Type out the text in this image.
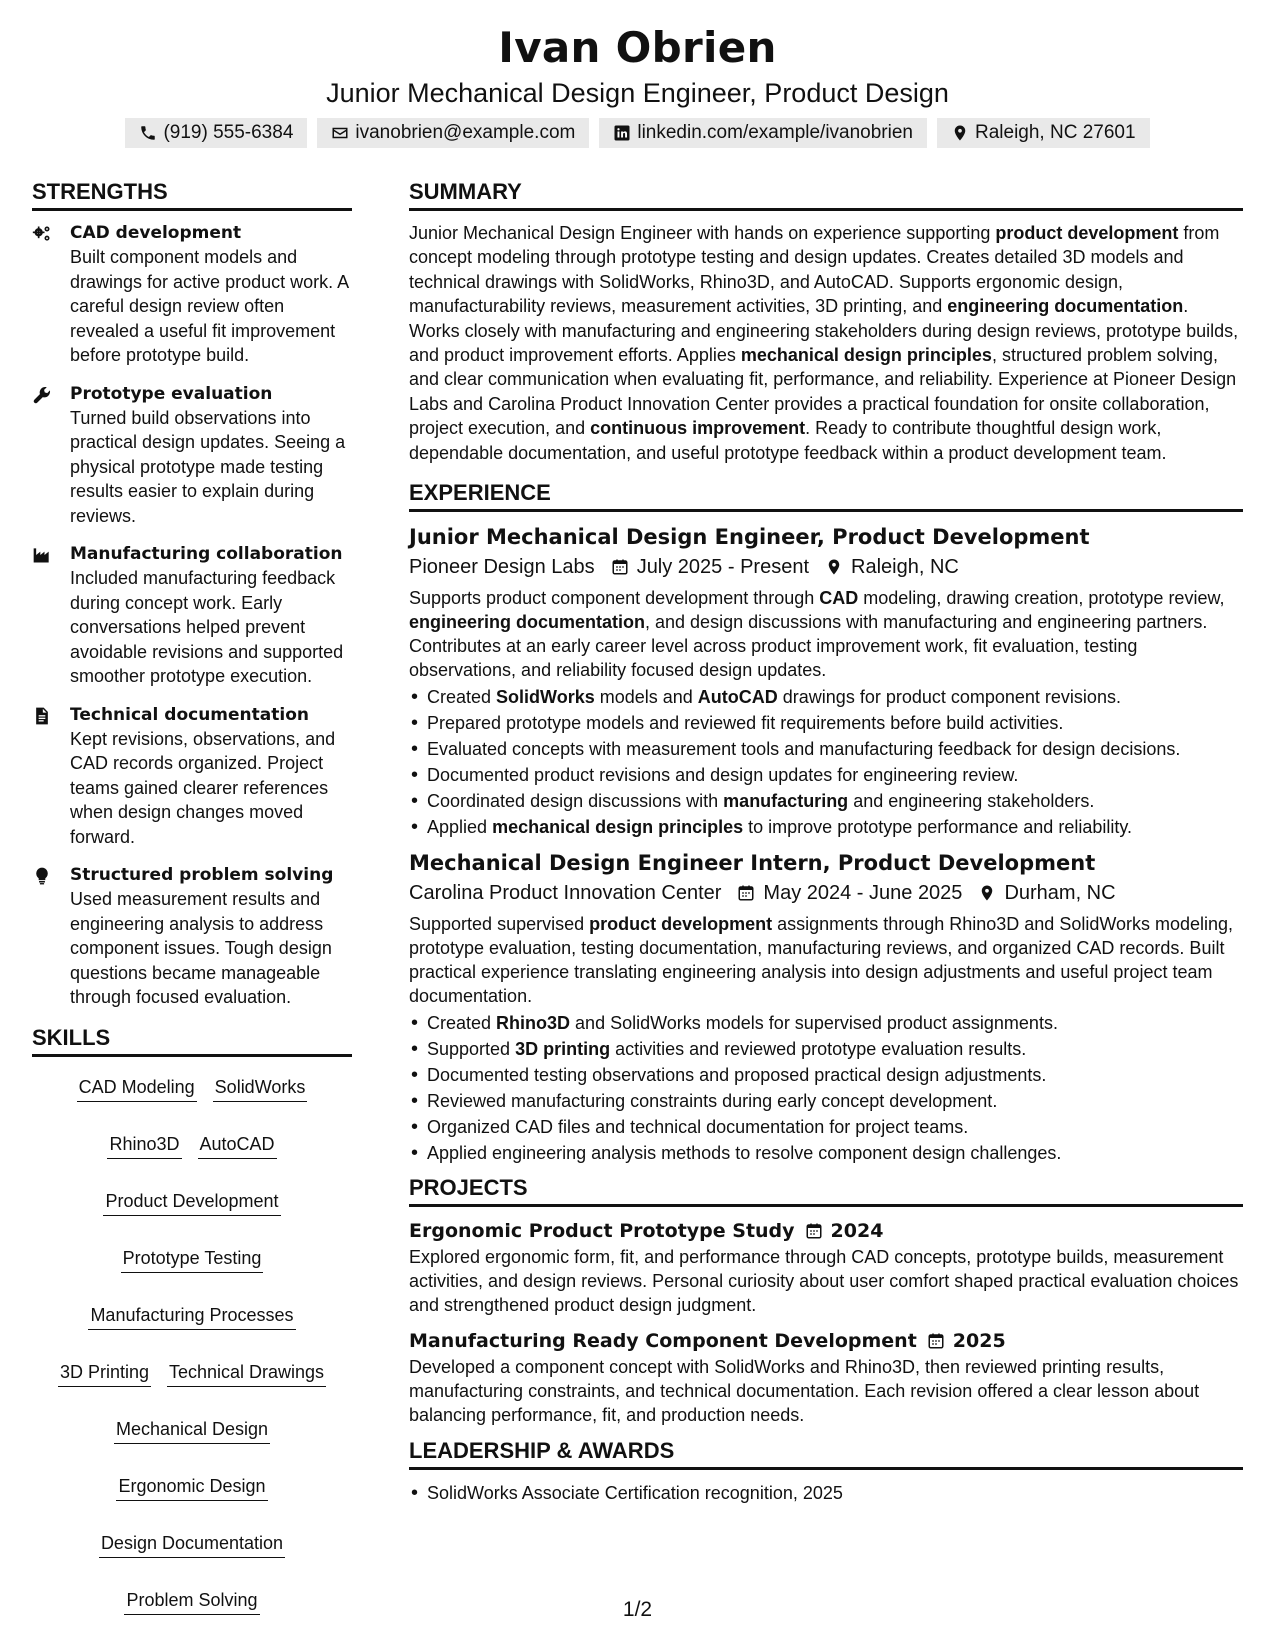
Ivan Obrien
Junior Mechanical Design Engineer, Product Design
(919) 555-6384	ivanobrien@example.com	linkedin.com/example/ivanobrien	Raleigh, NC 27601
STRENGTHS
CAD development
Built component models and drawings for active product work. A careful design review often revealed a useful fit improvement before prototype build.
Prototype evaluation
Turned build observations into practical design updates. Seeing a physical prototype made testing results easier to explain during reviews.
Manufacturing collaboration
Included manufacturing feedback during concept work. Early conversations helped prevent avoidable revisions and supported smoother prototype execution.
Technical documentation
Kept revisions, observations, and CAD records organized. Project teams gained clearer references when design changes moved forward.
Structured problem solving
Used measurement results and engineering analysis to address component issues. Tough design questions became manageable through focused evaluation.
SKILLS
CAD Modeling SolidWorks
Rhino3D AutoCAD
Product Development
Prototype Testing
Manufacturing Processes
3D Printing Technical Drawings
Mechanical Design
Ergonomic Design
Design Documentation
Problem Solving
SUMMARY
Junior Mechanical Design Engineer with hands on experience supporting product development from concept modeling through prototype testing and design updates. Creates detailed 3D models and technical drawings with SolidWorks, Rhino3D, and AutoCAD. Supports ergonomic design, manufacturability reviews, measurement activities, 3D printing, and engineering documentation. Works closely with manufacturing and engineering stakeholders during design reviews, prototype builds, and product improvement efforts. Applies mechanical design principles, structured problem solving, and clear communication when evaluating fit, performance, and reliability. Experience at Pioneer Design Labs and Carolina Product Innovation Center provides a practical foundation for onsite collaboration, project execution, and continuous improvement. Ready to contribute thoughtful design work, dependable documentation, and useful prototype feedback within a product development team.
EXPERIENCE
Junior Mechanical Design Engineer, Product Development
Pioneer Design Labs July 2025 - Present Raleigh, NC
Supports product component development through CAD modeling, drawing creation, prototype review, engineering documentation, and design discussions with manufacturing and engineering partners. Contributes at an early career level across product improvement work, fit evaluation, testing observations, and reliability focused design updates.
• Created SolidWorks models and AutoCAD drawings for product component revisions.
• Prepared prototype models and reviewed fit requirements before build activities.
• Evaluated concepts with measurement tools and manufacturing feedback for design decisions.
• Documented product revisions and design updates for engineering review.
• Coordinated design discussions with manufacturing and engineering stakeholders.
• Applied mechanical design principles to improve prototype performance and reliability.
Mechanical Design Engineer Intern, Product Development
Carolina Product Innovation Center May 2024 - June 2025 Durham, NC
Supported supervised product development assignments through Rhino3D and SolidWorks modeling, prototype evaluation, testing documentation, manufacturing reviews, and organized CAD records. Built practical experience translating engineering analysis into design adjustments and useful project team documentation.
• Created Rhino3D and SolidWorks models for supervised product assignments.
• Supported 3D printing activities and reviewed prototype evaluation results.
• Documented testing observations and proposed practical design adjustments.
• Reviewed manufacturing constraints during early concept development.
• Organized CAD files and technical documentation for project teams.
• Applied engineering analysis methods to resolve component design challenges.
PROJECTS
Ergonomic Product Prototype Study 2024
Explored ergonomic form, fit, and performance through CAD concepts, prototype builds, measurement activities, and design reviews. Personal curiosity about user comfort shaped practical evaluation choices and strengthened product design judgment.
Manufacturing Ready Component Development 2025
Developed a component concept with SolidWorks and Rhino3D, then reviewed printing results, manufacturing constraints, and technical documentation. Each revision offered a clear lesson about balancing performance, fit, and production needs.
LEADERSHIP & AWARDS
• SolidWorks Associate Certification recognition, 2025
1/2
